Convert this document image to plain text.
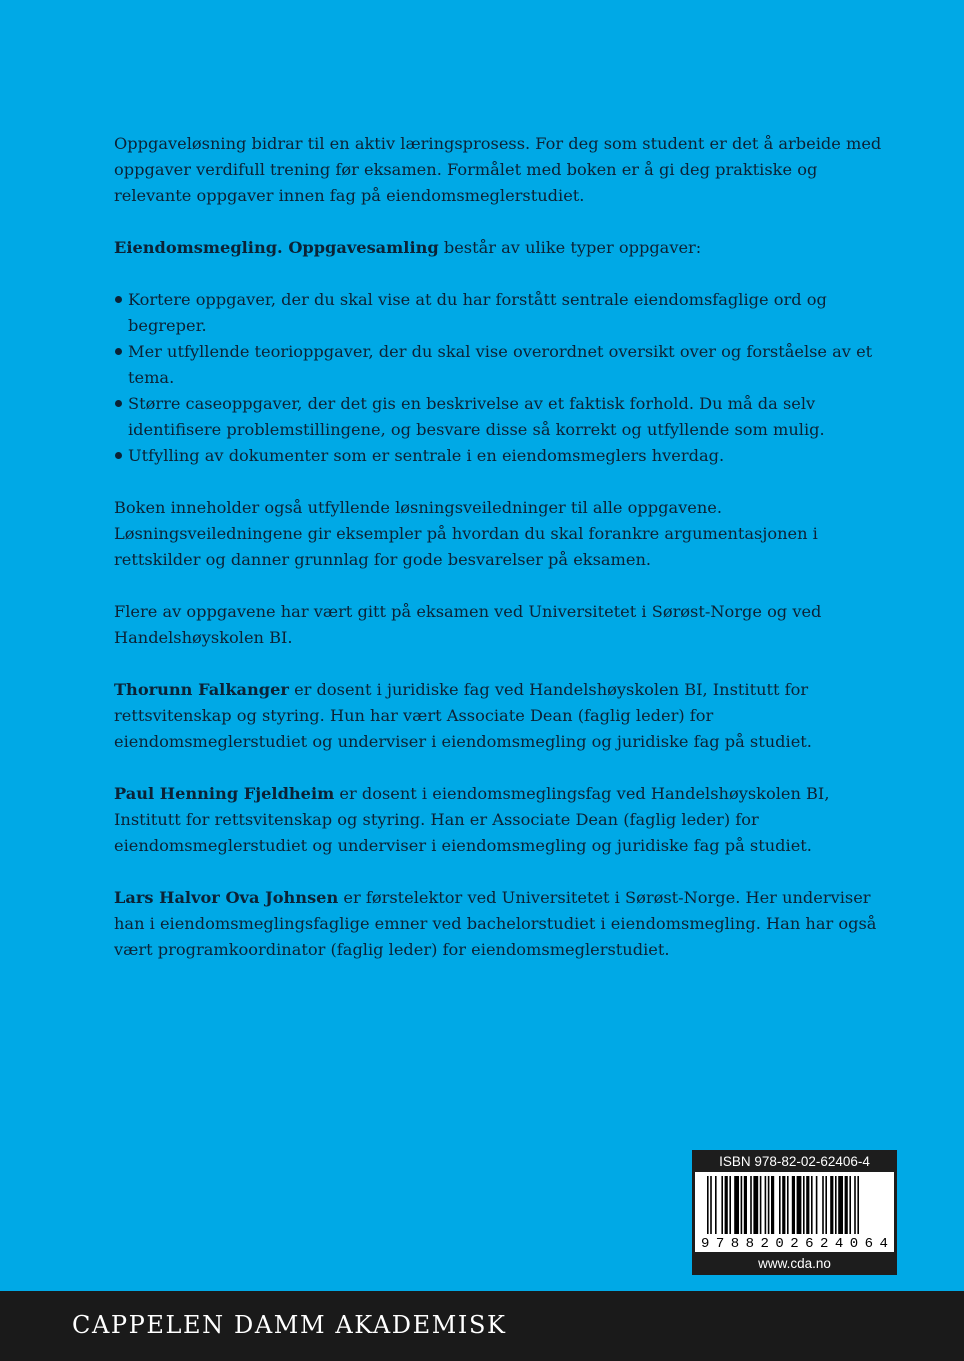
Oppgaveløsning bidrar til en aktiv læringsprosess. For deg som student er det å arbeide med oppgaver verdifull trening før eksamen. Formålet med boken er å gi deg praktiske og relevante oppgaver innen fag på eiendomsmeglerstudiet.

Eiendomsmegling. Oppgavesamling består av ulike typer oppgaver:

Kortere oppgaver, der du skal vise at du har forstått sentrale eiendomsfaglige ord og begreper.
Mer utfyllende teorioppgaver, der du skal vise overordnet oversikt over og forståelse av et tema.
Større caseoppgaver, der det gis en beskrivelse av et faktisk forhold. Du må da selv identifisere problemstillingene, og besvare disse så korrekt og utfyllende som mulig.
Utfylling av dokumenter som er sentrale i en eiendomsmeglers hverdag.

Boken inneholder også utfyllende løsningsveiledninger til alle oppgavene. Løsningsveiledningene gir eksempler på hvordan du skal forankre argumentasjonen i rettskilder og danner grunnlag for gode besvarelser på eksamen.

Flere av oppgavene har vært gitt på eksamen ved Universitetet i Sørøst-Norge og ved Handelshøyskolen BI.

Thorunn Falkanger er dosent i juridiske fag ved Handelshøyskolen BI, Institutt for rettsvitenskap og styring. Hun har vært Associate Dean (faglig leder) for eiendomsmeglerstudiet og underviser i eiendomsmegling og juridiske fag på studiet.

Paul Henning Fjeldheim er dosent i eiendomsmeglingsfag ved Handelshøyskolen BI, Institutt for rettsvitenskap og styring. Han er Associate Dean (faglig leder) for eiendomsmeglerstudiet og underviser i eiendomsmegling og juridiske fag på studiet.

Lars Halvor Ova Johnsen er førstelektor ved Universitetet i Sørøst-Norge. Her underviser han i eiendomsmeglingsfaglige emner ved bachelorstudiet i eiendomsmegling. Han har også vært programkoordinator (faglig leder) for eiendomsmeglerstudiet.

ISBN 978-82-02-62406-4
9 7 8 8 2 0 2 6 2 4 0 6 4
www.cda.no
CAPPELEN DAMM AKADEMISK
